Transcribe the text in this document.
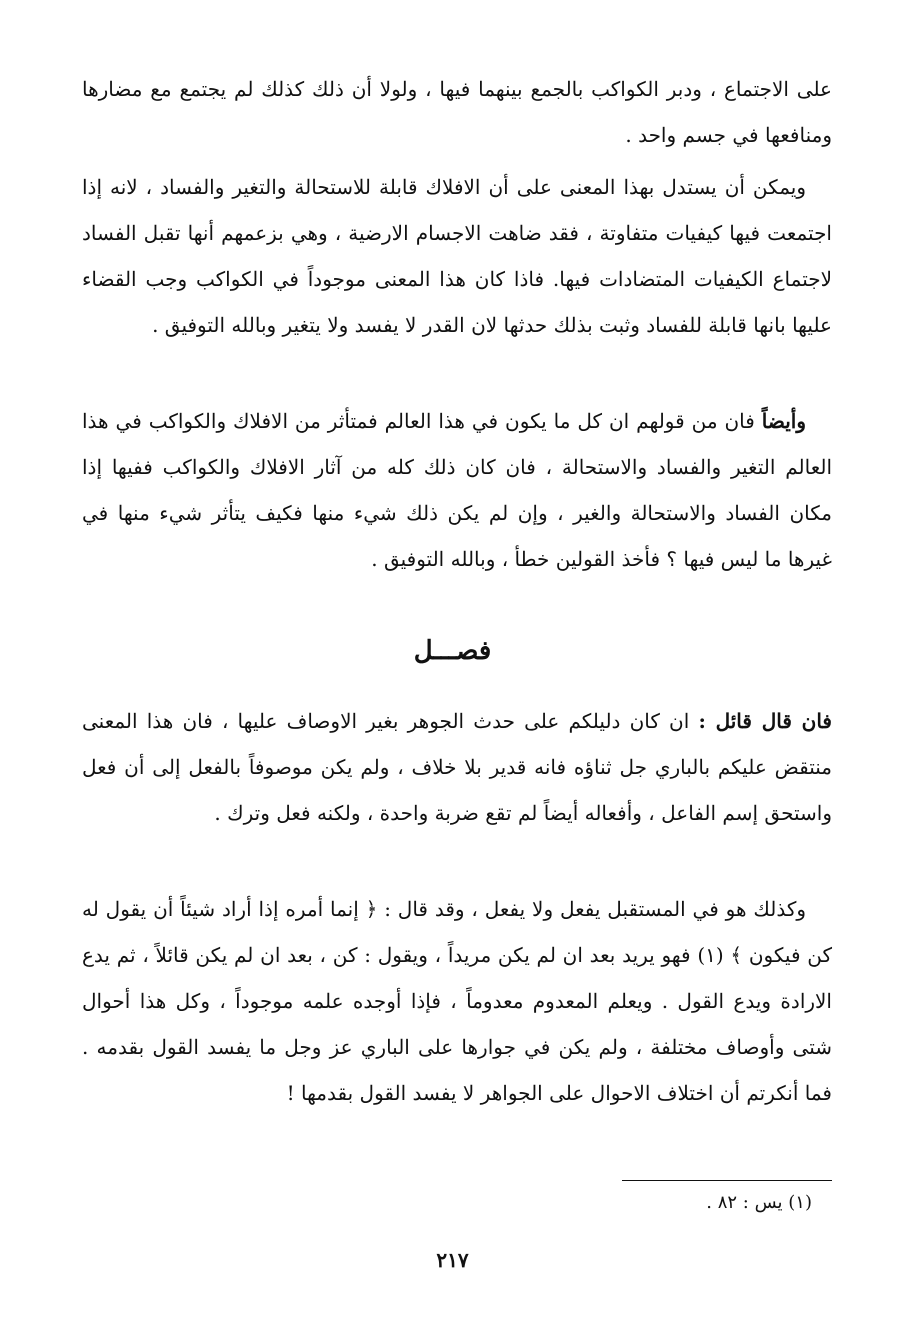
على الاجتماع ، ودبر الكواكب بالجمع بينهما فيها ، ولولا أن ذلك كذلك لم يجتمع مع مضارها ومنافعها في جسم واحد .

ويمكن أن يستدل بهذا المعنى على أن الافلاك قابلة للاستحالة والتغير والفساد ، لانه إذا اجتمعت فيها كيفيات متفاوتة ، فقد ضاهت الاجسام الارضية ، وهي بزعمهم أنها تقبل الفساد لاجتماع الكيفيات المتضادات فيها. فاذا كان هذا المعنى موجوداً في الكواكب وجب القضاء عليها بانها قابلة للفساد وثبت بذلك حدثها لان القدر لا يفسد ولا يتغير وبالله التوفيق .

وأيضاً فان من قولهم ان كل ما يكون في هذا العالم فمتأثر من الافلاك والكواكب في هذا العالم التغير والفساد والاستحالة ، فان كان ذلك كله من آثار الافلاك والكواكب ففيها إذا مكان الفساد والاستحالة والغير ، وإن لم يكن ذلك شيء منها فكيف يتأثر شيء منها في غيرها ما ليس فيها ؟ فأخذ القولين خطأ ، وبالله التوفيق .

فصـــل

فان قال قائل : ان كان دليلكم على حدث الجوهر بغير الاوصاف عليها ، فان هذا المعنى منتقض عليكم بالباري جل ثناؤه فانه قدير بلا خلاف ، ولم يكن موصوفاً بالفعل إلى أن فعل واستحق إسم الفاعل ، وأفعاله أيضاً لم تقع ضربة واحدة ، ولكنه فعل وترك .

وكذلك هو في المستقبل يفعل ولا يفعل ، وقد قال : ﴿ إنما أمره إذا أراد شيئاً أن يقول له كن فيكون ﴾ (١) فهو يريد بعد ان لم يكن مريداً ، ويقول : كن ، بعد ان لم يكن قائلاً ، ثم يدع الارادة ويدع القول . ويعلم المعدوم معدوماً ، فإذا أوجده علمه موجوداً ، وكل هذا أحوال شتى وأوصاف مختلفة ، ولم يكن في جوارها على الباري عز وجل ما يفسد القول بقدمه . فما أنكرتم أن اختلاف الاحوال على الجواهر لا يفسد القول بقدمها !

(١) يس : ٨٢ .
٢١٧
